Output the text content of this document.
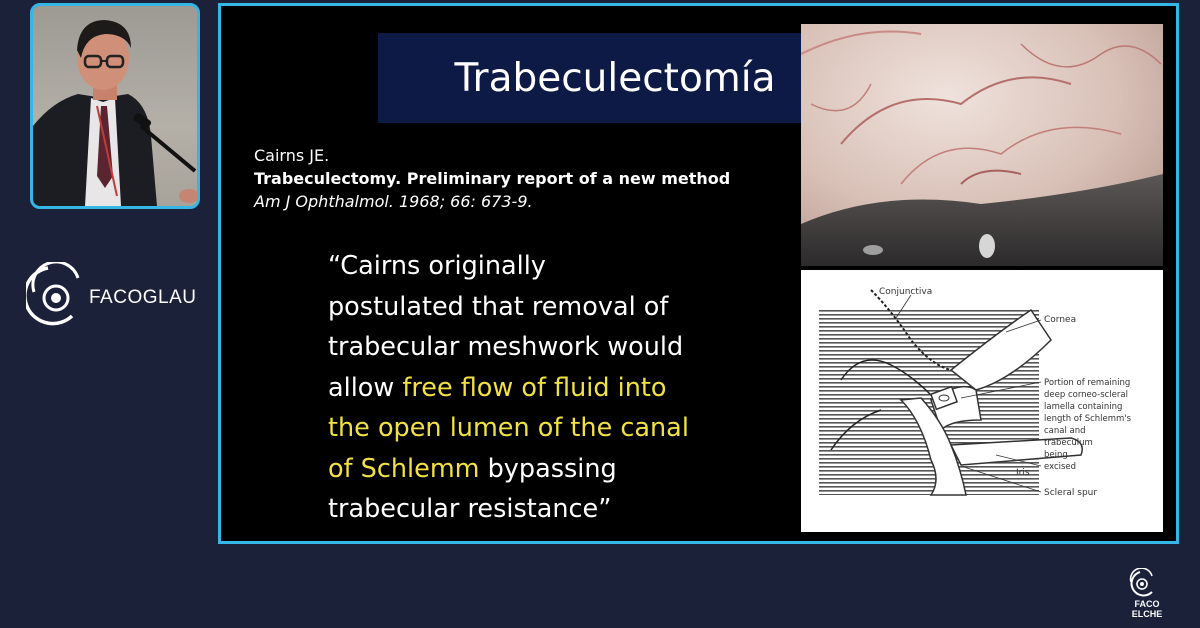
FACOGLAU
Trabeculectomía
Cairns JE.
Trabeculectomy. Preliminary report of a new method
Am J Ophthalmol. 1968; 66: 673-9.
“Cairns originally
postulated that removal of
trabecular meshwork would
allow free flow of fluid into
the open lumen of the canal
of Schlemm bypassing
trabecular resistance”
Conjunctiva
Cornea
Portion of remaining
deep corneo-scleral
lamella containing
length of Schlemm's
canal and
trabeculum
being
excised
Iris
Scleral spur
FACO
ELCHE
